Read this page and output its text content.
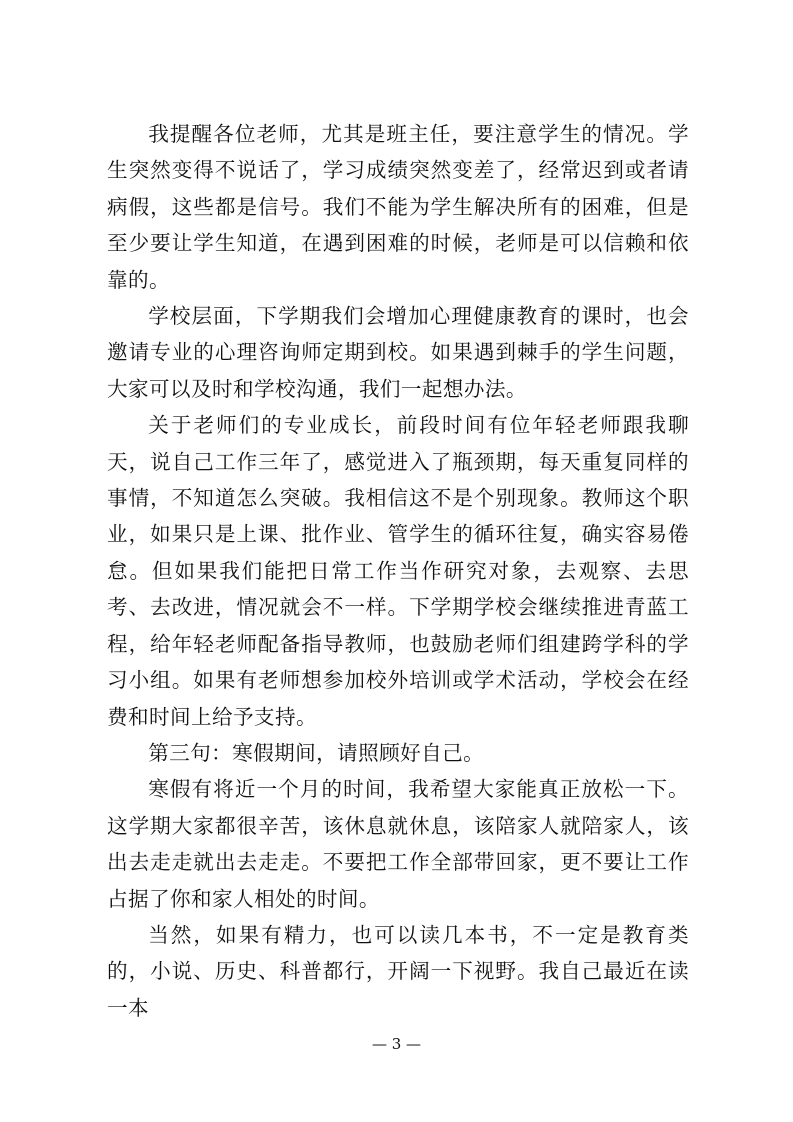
我提醒各位老师，尤其是班主任，要注意学生的情况。学生突然变得不说话了，学习成绩突然变差了，经常迟到或者请病假，这些都是信号。我们不能为学生解决所有的困难，但是至少要让学生知道，在遇到困难的时候，老师是可以信赖和依靠的。

学校层面，下学期我们会增加心理健康教育的课时，也会邀请专业的心理咨询师定期到校。如果遇到棘手的学生问题，大家可以及时和学校沟通，我们一起想办法。

关于老师们的专业成长，前段时间有位年轻老师跟我聊天，说自己工作三年了，感觉进入了瓶颈期，每天重复同样的事情，不知道怎么突破。我相信这不是个别现象。教师这个职业，如果只是上课、批作业、管学生的循环往复，确实容易倦怠。但如果我们能把日常工作当作研究对象，去观察、去思考、去改进，情况就会不一样。下学期学校会继续推进青蓝工程，给年轻老师配备指导教师，也鼓励老师们组建跨学科的学习小组。如果有老师想参加校外培训或学术活动，学校会在经费和时间上给予支持。

第三句：寒假期间，请照顾好自己。

寒假有将近一个月的时间，我希望大家能真正放松一下。这学期大家都很辛苦，该休息就休息，该陪家人就陪家人，该出去走走就出去走走。不要把工作全部带回家，更不要让工作占据了你和家人相处的时间。

当然，如果有精力，也可以读几本书，不一定是教育类的，小说、历史、科普都行，开阔一下视野。我自己最近在读一本

— 3 —
